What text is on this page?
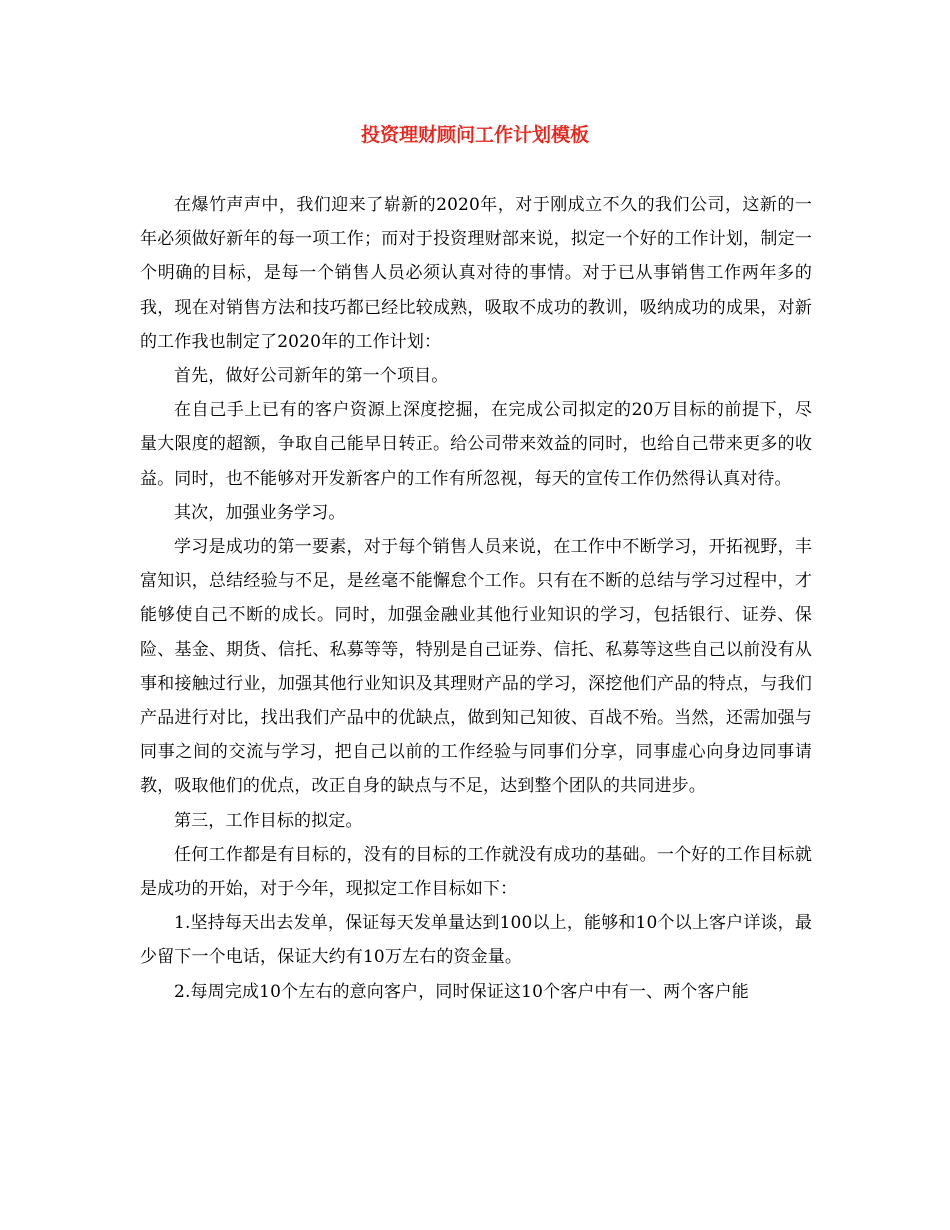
投资理财顾问工作计划模板

在爆竹声声中，我们迎来了崭新的2020年，对于刚成立不久的我们公司，这新的一年必须做好新年的每一项工作；而对于投资理财部来说，拟定一个好的工作计划，制定一个明确的目标，是每一个销售人员必须认真对待的事情。对于已从事销售工作两年多的我，现在对销售方法和技巧都已经比较成熟，吸取不成功的教训，吸纳成功的成果，对新的工作我也制定了2020年的工作计划：

首先，做好公司新年的第一个项目。

在自己手上已有的客户资源上深度挖掘，在完成公司拟定的20万目标的前提下，尽量大限度的超额，争取自己能早日转正。给公司带来效益的同时，也给自己带来更多的收益。同时，也不能够对开发新客户的工作有所忽视，每天的宣传工作仍然得认真对待。

其次，加强业务学习。

学习是成功的第一要素，对于每个销售人员来说，在工作中不断学习，开拓视野，丰富知识，总结经验与不足，是丝毫不能懈怠个工作。只有在不断的总结与学习过程中，才能够使自己不断的成长。同时，加强金融业其他行业知识的学习，包括银行、证券、保险、基金、期货、信托、私募等等，特别是自己证券、信托、私募等这些自己以前没有从事和接触过行业，加强其他行业知识及其理财产品的学习，深挖他们产品的特点，与我们产品进行对比，找出我们产品中的优缺点，做到知己知彼、百战不殆。当然，还需加强与同事之间的交流与学习，把自己以前的工作经验与同事们分享，同事虚心向身边同事请教，吸取他们的优点，改正自身的缺点与不足，达到整个团队的共同进步。

第三，工作目标的拟定。

任何工作都是有目标的，没有的目标的工作就没有成功的基础。一个好的工作目标就是成功的开始，对于今年，现拟定工作目标如下：

1.坚持每天出去发单，保证每天发单量达到100以上，能够和10个以上客户详谈，最少留下一个电话，保证大约有10万左右的资金量。

2.每周完成10个左右的意向客户，同时保证这10个客户中有一、两个客户能
